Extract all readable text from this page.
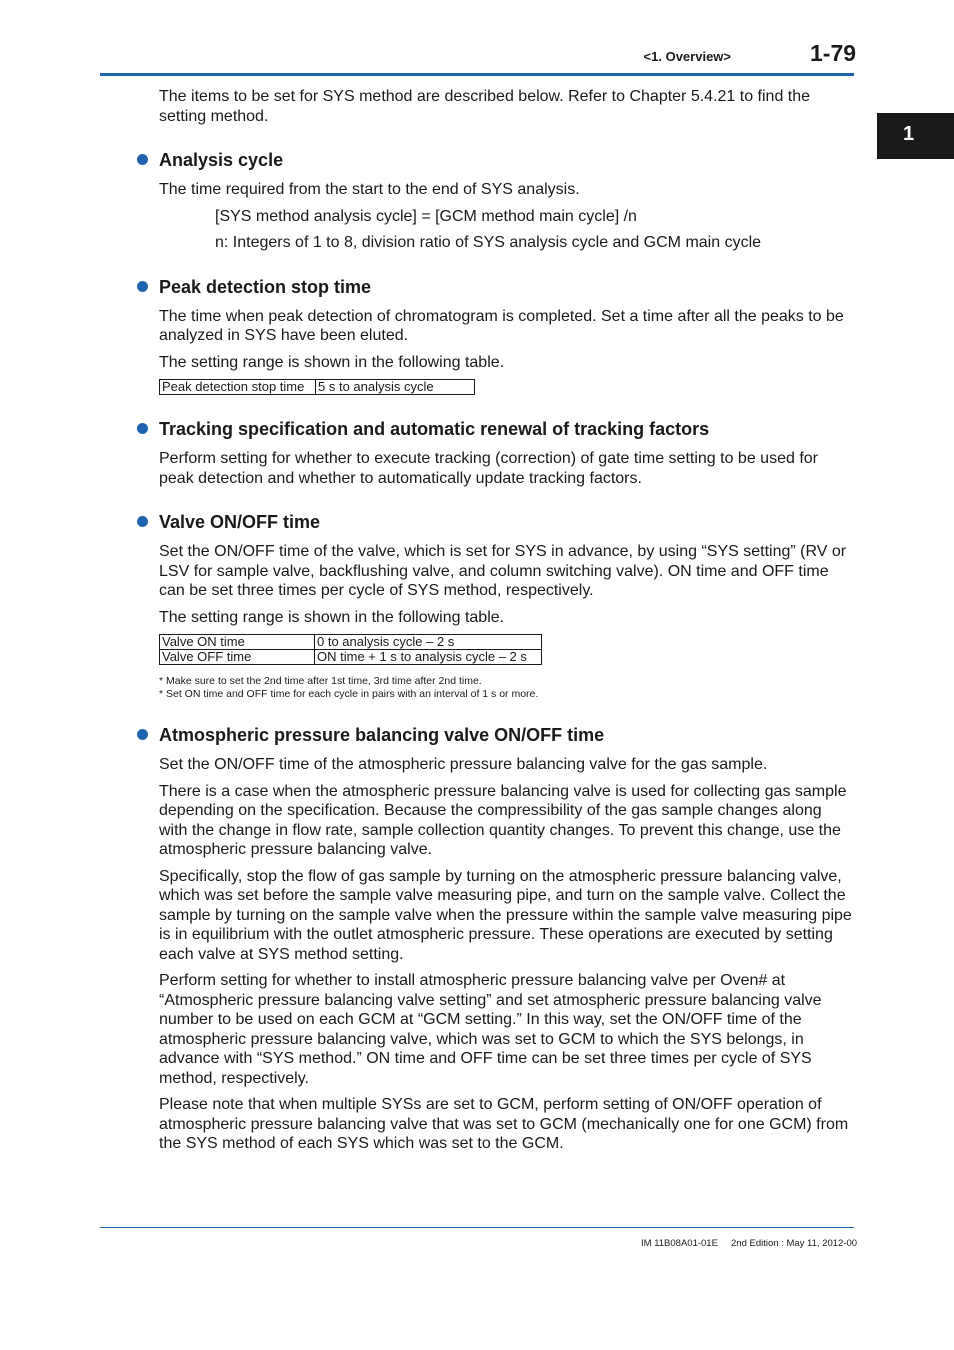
<1. Overview>	1-79
1

The items to be set for SYS method are described below. Refer to Chapter 5.4.21 to find the setting method.

Analysis cycle

The time required from the start to the end of SYS analysis.

[SYS method analysis cycle] = [GCM method main cycle] /n

n: Integers of 1 to 8, division ratio of SYS analysis cycle and GCM main cycle

Peak detection stop time

The time when peak detection of chromatogram is completed. Set a time after all the peaks to be analyzed in SYS have been eluted.

The setting range is shown in the following table.

Peak detection stop time	5 s to analysis cycle
Tracking specification and automatic renewal of tracking factors

Perform setting for whether to execute tracking (correction) of gate time setting to be used for peak detection and whether to automatically update tracking factors.

Valve ON/OFF time

Set the ON/OFF time of the valve, which is set for SYS in advance, by using “SYS setting” (RV or LSV for sample valve, backflushing valve, and column switching valve). ON time and OFF time can be set three times per cycle of SYS method, respectively.

The setting range is shown in the following table.

Valve ON time	0 to analysis cycle – 2 s
Valve OFF time	ON time + 1 s to analysis cycle – 2 s
* Make sure to set the 2nd time after 1st time, 3rd time after 2nd time.
* Set ON time and OFF time for each cycle in pairs with an interval of 1 s or more.
Atmospheric pressure balancing valve ON/OFF time

Set the ON/OFF time of the atmospheric pressure balancing valve for the gas sample.

There is a case when the atmospheric pressure balancing valve is used for collecting gas sample depending on the specification. Because the compressibility of the gas sample changes along with the change in flow rate, sample collection quantity changes. To prevent this change, use the atmospheric pressure balancing valve.

Specifically, stop the flow of gas sample by turning on the atmospheric pressure balancing valve, which was set before the sample valve measuring pipe, and turn on the sample valve. Collect the sample by turning on the sample valve when the pressure within the sample valve measuring pipe is in equilibrium with the outlet atmospheric pressure. These operations are executed by setting each valve at SYS method setting.

Perform setting for whether to install atmospheric pressure balancing valve per Oven# at “Atmospheric pressure balancing valve setting” and set atmospheric pressure balancing valve number to be used on each GCM at “GCM setting.” In this way, set the ON/OFF time of the atmospheric pressure balancing valve, which was set to GCM to which the SYS belongs, in advance with “SYS method.” ON time and OFF time can be set three times per cycle of SYS method, respectively.

Please note that when multiple SYSs are set to GCM, perform setting of ON/OFF operation of atmospheric pressure balancing valve that was set to GCM (mechanically one for one GCM) from the SYS method of each SYS which was set to the GCM.

IM 11B08A01-01E 2nd Edition : May 11, 2012-00
